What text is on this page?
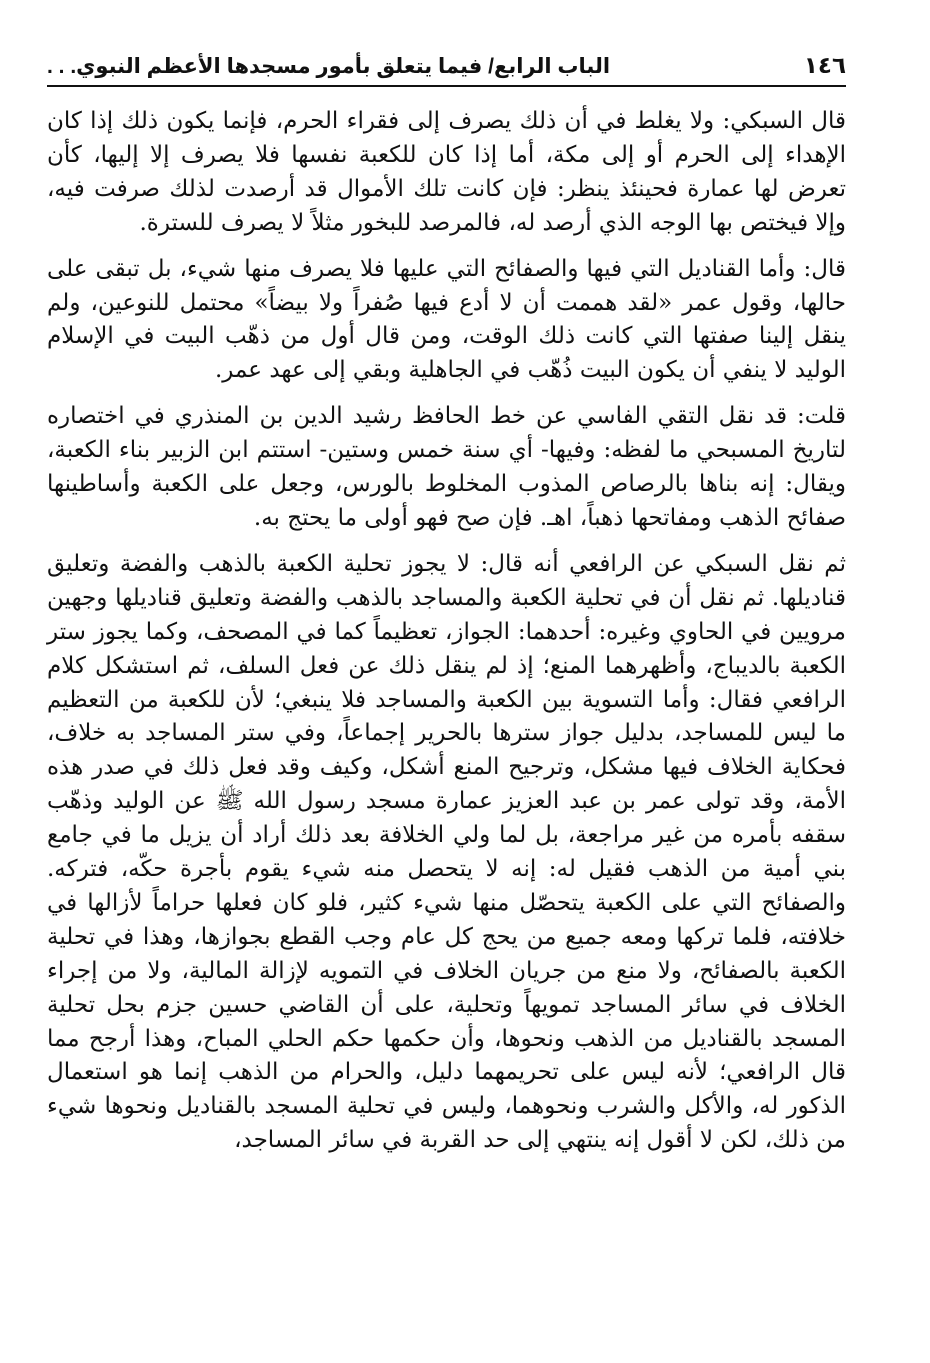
١٤٦
الباب الرابع/ فيما يتعلق بأمور مسجدها الأعظم النبوي. . .

قال السبكي: ولا يغلط في أن ذلك يصرف إلى فقراء الحرم، فإنما يكون ذلك إذا كان الإهداء إلى الحرم أو إلى مكة، أما إذا كان للكعبة نفسها فلا يصرف إلا إليها، كأن تعرض لها عمارة فحينئذ ينظر: فإن كانت تلك الأموال قد أرصدت لذلك صرفت فيه، وإلا فيختص بها الوجه الذي أرصد له، فالمرصد للبخور مثلاً لا يصرف للسترة.

قال: وأما القناديل التي فيها والصفائح التي عليها فلا يصرف منها شيء، بل تبقى على حالها، وقول عمر «لقد هممت أن لا أدع فيها صُفراً ولا بيضاً» محتمل للنوعين، ولم ينقل إلينا صفتها التي كانت ذلك الوقت، ومن قال أول من ذهّب البيت في الإسلام الوليد لا ينفي أن يكون البيت ذُهّب في الجاهلية وبقي إلى عهد عمر.

قلت: قد نقل التقي الفاسي عن خط الحافظ رشيد الدين بن المنذري في اختصاره لتاريخ المسبحي ما لفظه: وفيها- أي سنة خمس وستين- استتم ابن الزبير بناء الكعبة، ويقال: إنه بناها بالرصاص المذوب المخلوط بالورس، وجعل على الكعبة وأساطينها صفائح الذهب ومفاتحها ذهباً، اهـ. فإن صح فهو أولى ما يحتج به.

ثم نقل السبكي عن الرافعي أنه قال: لا يجوز تحلية الكعبة بالذهب والفضة وتعليق قناديلها. ثم نقل أن في تحلية الكعبة والمساجد بالذهب والفضة وتعليق قناديلها وجهين مرويين في الحاوي وغيره: أحدهما: الجواز، تعظيماً كما في المصحف، وكما يجوز ستر الكعبة بالديباج، وأظهرهما المنع؛ إذ لم ينقل ذلك عن فعل السلف، ثم استشكل كلام الرافعي فقال: وأما التسوية بين الكعبة والمساجد فلا ينبغي؛ لأن للكعبة من التعظيم ما ليس للمساجد، بدليل جواز سترها بالحرير إجماعاً، وفي ستر المساجد به خلاف، فحكاية الخلاف فيها مشكل، وترجيح المنع أشكل، وكيف وقد فعل ذلك في صدر هذه الأمة، وقد تولى عمر بن عبد العزيز عمارة مسجد رسول الله ﷺ عن الوليد وذهّب سقفه بأمره من غير مراجعة، بل لما ولي الخلافة بعد ذلك أراد أن يزيل ما في جامع بني أمية من الذهب فقيل له: إنه لا يتحصل منه شيء يقوم بأجرة حكّه، فتركه. والصفائح التي على الكعبة يتحصّل منها شيء كثير، فلو كان فعلها حراماً لأزالها في خلافته، فلما تركها ومعه جميع من يحج كل عام وجب القطع بجوازها، وهذا في تحلية الكعبة بالصفائح، ولا منع من جريان الخلاف في التمويه لإزالة المالية، ولا من إجراء الخلاف في سائر المساجد تمويهاً وتحلية، على أن القاضي حسين جزم بحل تحلية المسجد بالقناديل من الذهب ونحوها، وأن حكمها حكم الحلي المباح، وهذا أرجح مما قال الرافعي؛ لأنه ليس على تحريمهما دليل، والحرام من الذهب إنما هو استعمال الذكور له، والأكل والشرب ونحوهما، وليس في تحلية المسجد بالقناديل ونحوها شيء من ذلك، لكن لا أقول إنه ينتهي إلى حد القربة في سائر المساجد،
